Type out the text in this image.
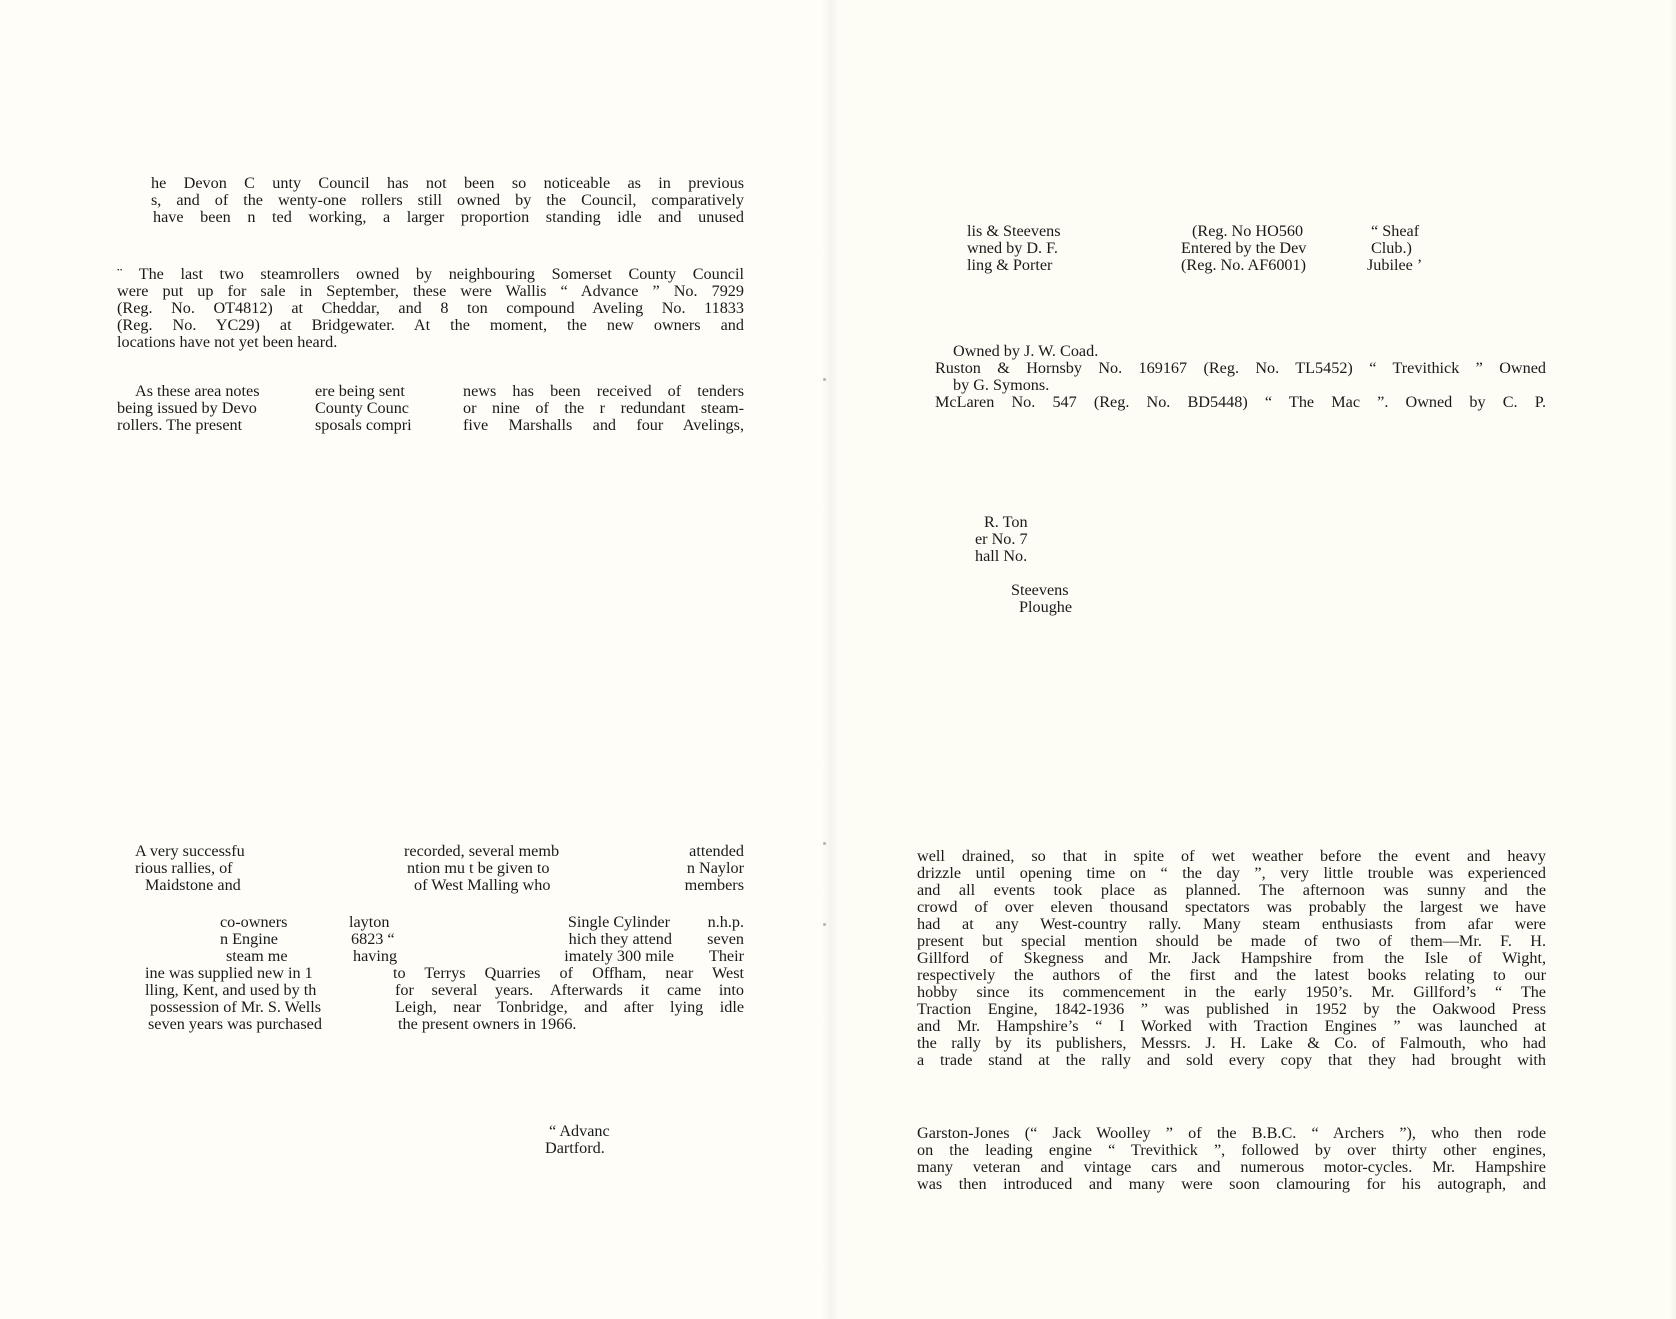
he Devon C unty Council has not been so noticeable as in previous
s, and of the wenty-one rollers still owned by the Council, comparatively
have been n ted working, a larger proportion standing idle and unused
¨ The last two steamrollers owned by neighbouring Somerset County Council
were put up for sale in September, these were Wallis “ Advance ” No. 7929
(Reg. No. OT4812) at Cheddar, and 8 ton compound Aveling No. 11833
(Reg. No. YC29) at Bridgewater. At the moment, the new owners and
locations have not yet been heard.
As these area notes
being issued by Devo
rollers. The present
ere being sent
County Counc
sposals compri
news has been received of tenders
or nine of the r redundant steam-
five Marshalls and four Avelings,
A very successfu
rious rallies, of
Maidstone and
recorded, several memb
ntion mu t be given to
of West Malling who
attended
n Naylor
members
co-owners
n Engine
steam me
layton
6823 “
having
Single Cylinder
hich they attend
imately 300 mile
n.h.p.
seven
Their
ine was supplied new in 1
lling, Kent, and used by th
possession of Mr. S. Wells
seven years was purchased
to Terrys Quarries of Offham, near West
for several years. Afterwards it came into
Leigh, near Tonbridge, and after lying idle
the present owners in 1966.
“ Advanc
Dartford.
lis & Steevens
wned by D. F.
ling & Porter
(Reg. No HO560
Entered by the Dev
(Reg. No. AF6001)
“ Sheaf
Club.)
Jubilee ’
Owned by J. W. Coad.
Ruston & Hornsby No. 169167 (Reg. No. TL5452) “ Trevithick ” Owned
by G. Symons.
McLaren No. 547 (Reg. No. BD5448) “ The Mac ”. Owned by C. P.
R. Ton
er No. 7
hall No.
Steevens
Ploughe
well drained, so that in spite of wet weather before the event and heavy
drizzle until opening time on “ the day ”, very little trouble was experienced
and all events took place as planned. The afternoon was sunny and the
crowd of over eleven thousand spectators was probably the largest we have
had at any West-country rally. Many steam enthusiasts from afar were
present but special mention should be made of two of them—Mr. F. H.
Gillford of Skegness and Mr. Jack Hampshire from the Isle of Wight,
respectively the authors of the first and the latest books relating to our
hobby since its commencement in the early 1950’s. Mr. Gillford’s “ The
Traction Engine, 1842-1936 ” was published in 1952 by the Oakwood Press
and Mr. Hampshire’s “ I Worked with Traction Engines ” was launched at
the rally by its publishers, Messrs. J. H. Lake & Co. of Falmouth, who had
a trade stand at the rally and sold every copy that they had brought with
Garston-Jones (“ Jack Woolley ” of the B.B.C. “ Archers ”), who then rode
on the leading engine “ Trevithick ”, followed by over thirty other engines,
many veteran and vintage cars and numerous motor-cycles. Mr. Hampshire
was then introduced and many were soon clamouring for his autograph, and
